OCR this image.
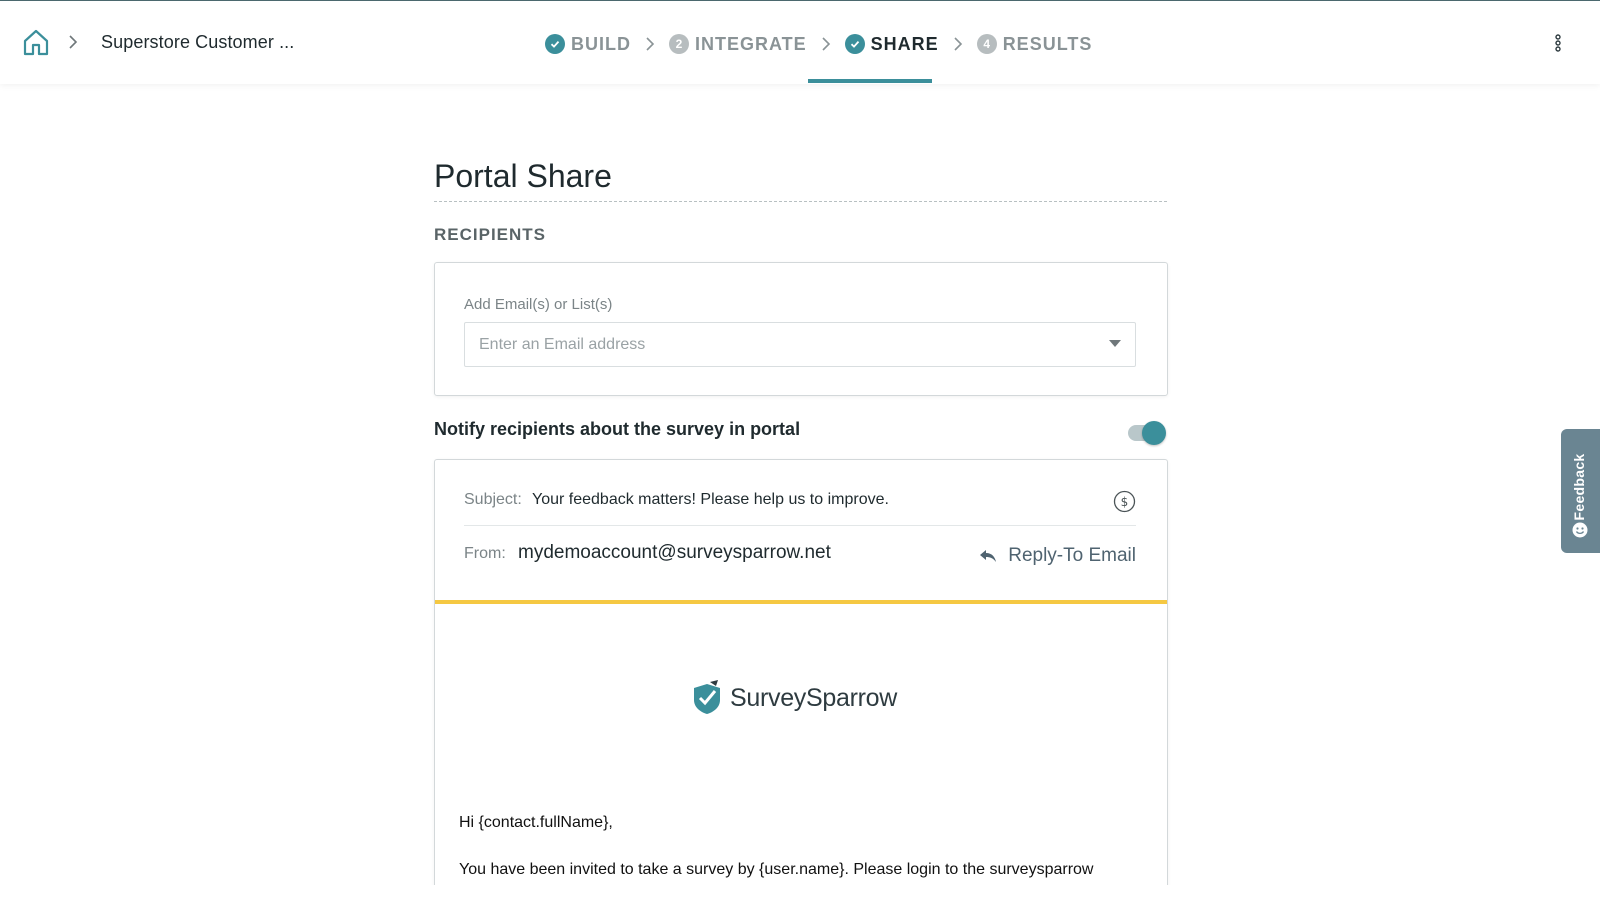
Superstore Customer ...	BUILD	2 INTEGRATE	SHARE	4 RESULTS
Portal Share
RECIPIENTS
Add Email(s) or List(s)
Enter an Email address
Notify recipients about the survey in portal
Subject: Your feedback matters! Please help us to improve.	$
From: mydemoaccount@surveysparrow.net	Reply-To Email
SurveySparrow
Hi {contact.fullName},
You have been invited to take a survey by {user.name}. Please login to the surveysparrow
Feedback
